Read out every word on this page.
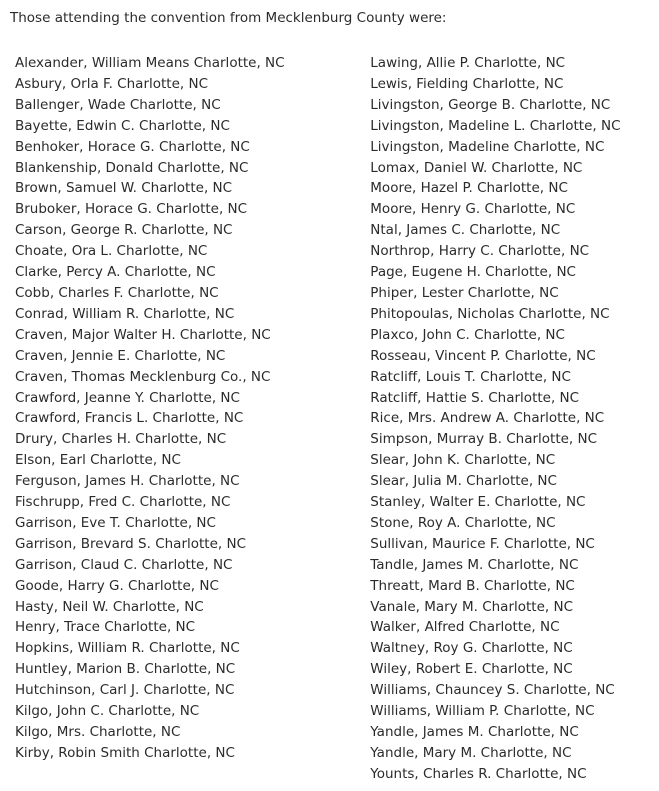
Those attending the convention from Mecklenburg County were:

Alexander, William Means Charlotte, NC	Lawing, Allie P. Charlotte, NC
Asbury, Orla F. Charlotte, NC	Lewis, Fielding Charlotte, NC
Ballenger, Wade Charlotte, NC	Livingston, George B. Charlotte, NC
Bayette, Edwin C. Charlotte, NC	Livingston, Madeline L. Charlotte, NC
Benhoker, Horace G. Charlotte, NC	Livingston, Madeline Charlotte, NC
Blankenship, Donald Charlotte, NC	Lomax, Daniel W. Charlotte, NC
Brown, Samuel W. Charlotte, NC	Moore, Hazel P. Charlotte, NC
Bruboker, Horace G. Charlotte, NC	Moore, Henry G. Charlotte, NC
Carson, George R. Charlotte, NC	Ntal, James C. Charlotte, NC
Choate, Ora L. Charlotte, NC	Northrop, Harry C. Charlotte, NC
Clarke, Percy A. Charlotte, NC	Page, Eugene H. Charlotte, NC
Cobb, Charles F. Charlotte, NC	Phiper, Lester Charlotte, NC
Conrad, William R. Charlotte, NC	Phitopoulas, Nicholas Charlotte, NC
Craven, Major Walter H. Charlotte, NC	Plaxco, John C. Charlotte, NC
Craven, Jennie E. Charlotte, NC	Rosseau, Vincent P. Charlotte, NC
Craven, Thomas Mecklenburg Co., NC	Ratcliff, Louis T. Charlotte, NC
Crawford, Jeanne Y. Charlotte, NC	Ratcliff, Hattie S. Charlotte, NC
Crawford, Francis L. Charlotte, NC	Rice, Mrs. Andrew A. Charlotte, NC
Drury, Charles H. Charlotte, NC	Simpson, Murray B. Charlotte, NC
Elson, Earl Charlotte, NC	Slear, John K. Charlotte, NC
Ferguson, James H. Charlotte, NC	Slear, Julia M. Charlotte, NC
Fischrupp, Fred C. Charlotte, NC	Stanley, Walter E. Charlotte, NC
Garrison, Eve T. Charlotte, NC	Stone, Roy A. Charlotte, NC
Garrison, Brevard S. Charlotte, NC	Sullivan, Maurice F. Charlotte, NC
Garrison, Claud C. Charlotte, NC	Tandle, James M. Charlotte, NC
Goode, Harry G. Charlotte, NC	Threatt, Mard B. Charlotte, NC
Hasty, Neil W. Charlotte, NC	Vanale, Mary M. Charlotte, NC
Henry, Trace Charlotte, NC	Walker, Alfred Charlotte, NC
Hopkins, William R. Charlotte, NC	Waltney, Roy G. Charlotte, NC
Huntley, Marion B. Charlotte, NC	Wiley, Robert E. Charlotte, NC
Hutchinson, Carl J. Charlotte, NC	Williams, Chauncey S. Charlotte, NC
Kilgo, John C. Charlotte, NC	Williams, William P. Charlotte, NC
Kilgo, Mrs. Charlotte, NC	Yandle, James M. Charlotte, NC
Kirby, Robin Smith Charlotte, NC	Yandle, Mary M. Charlotte, NC
	Younts, Charles R. Charlotte, NC
